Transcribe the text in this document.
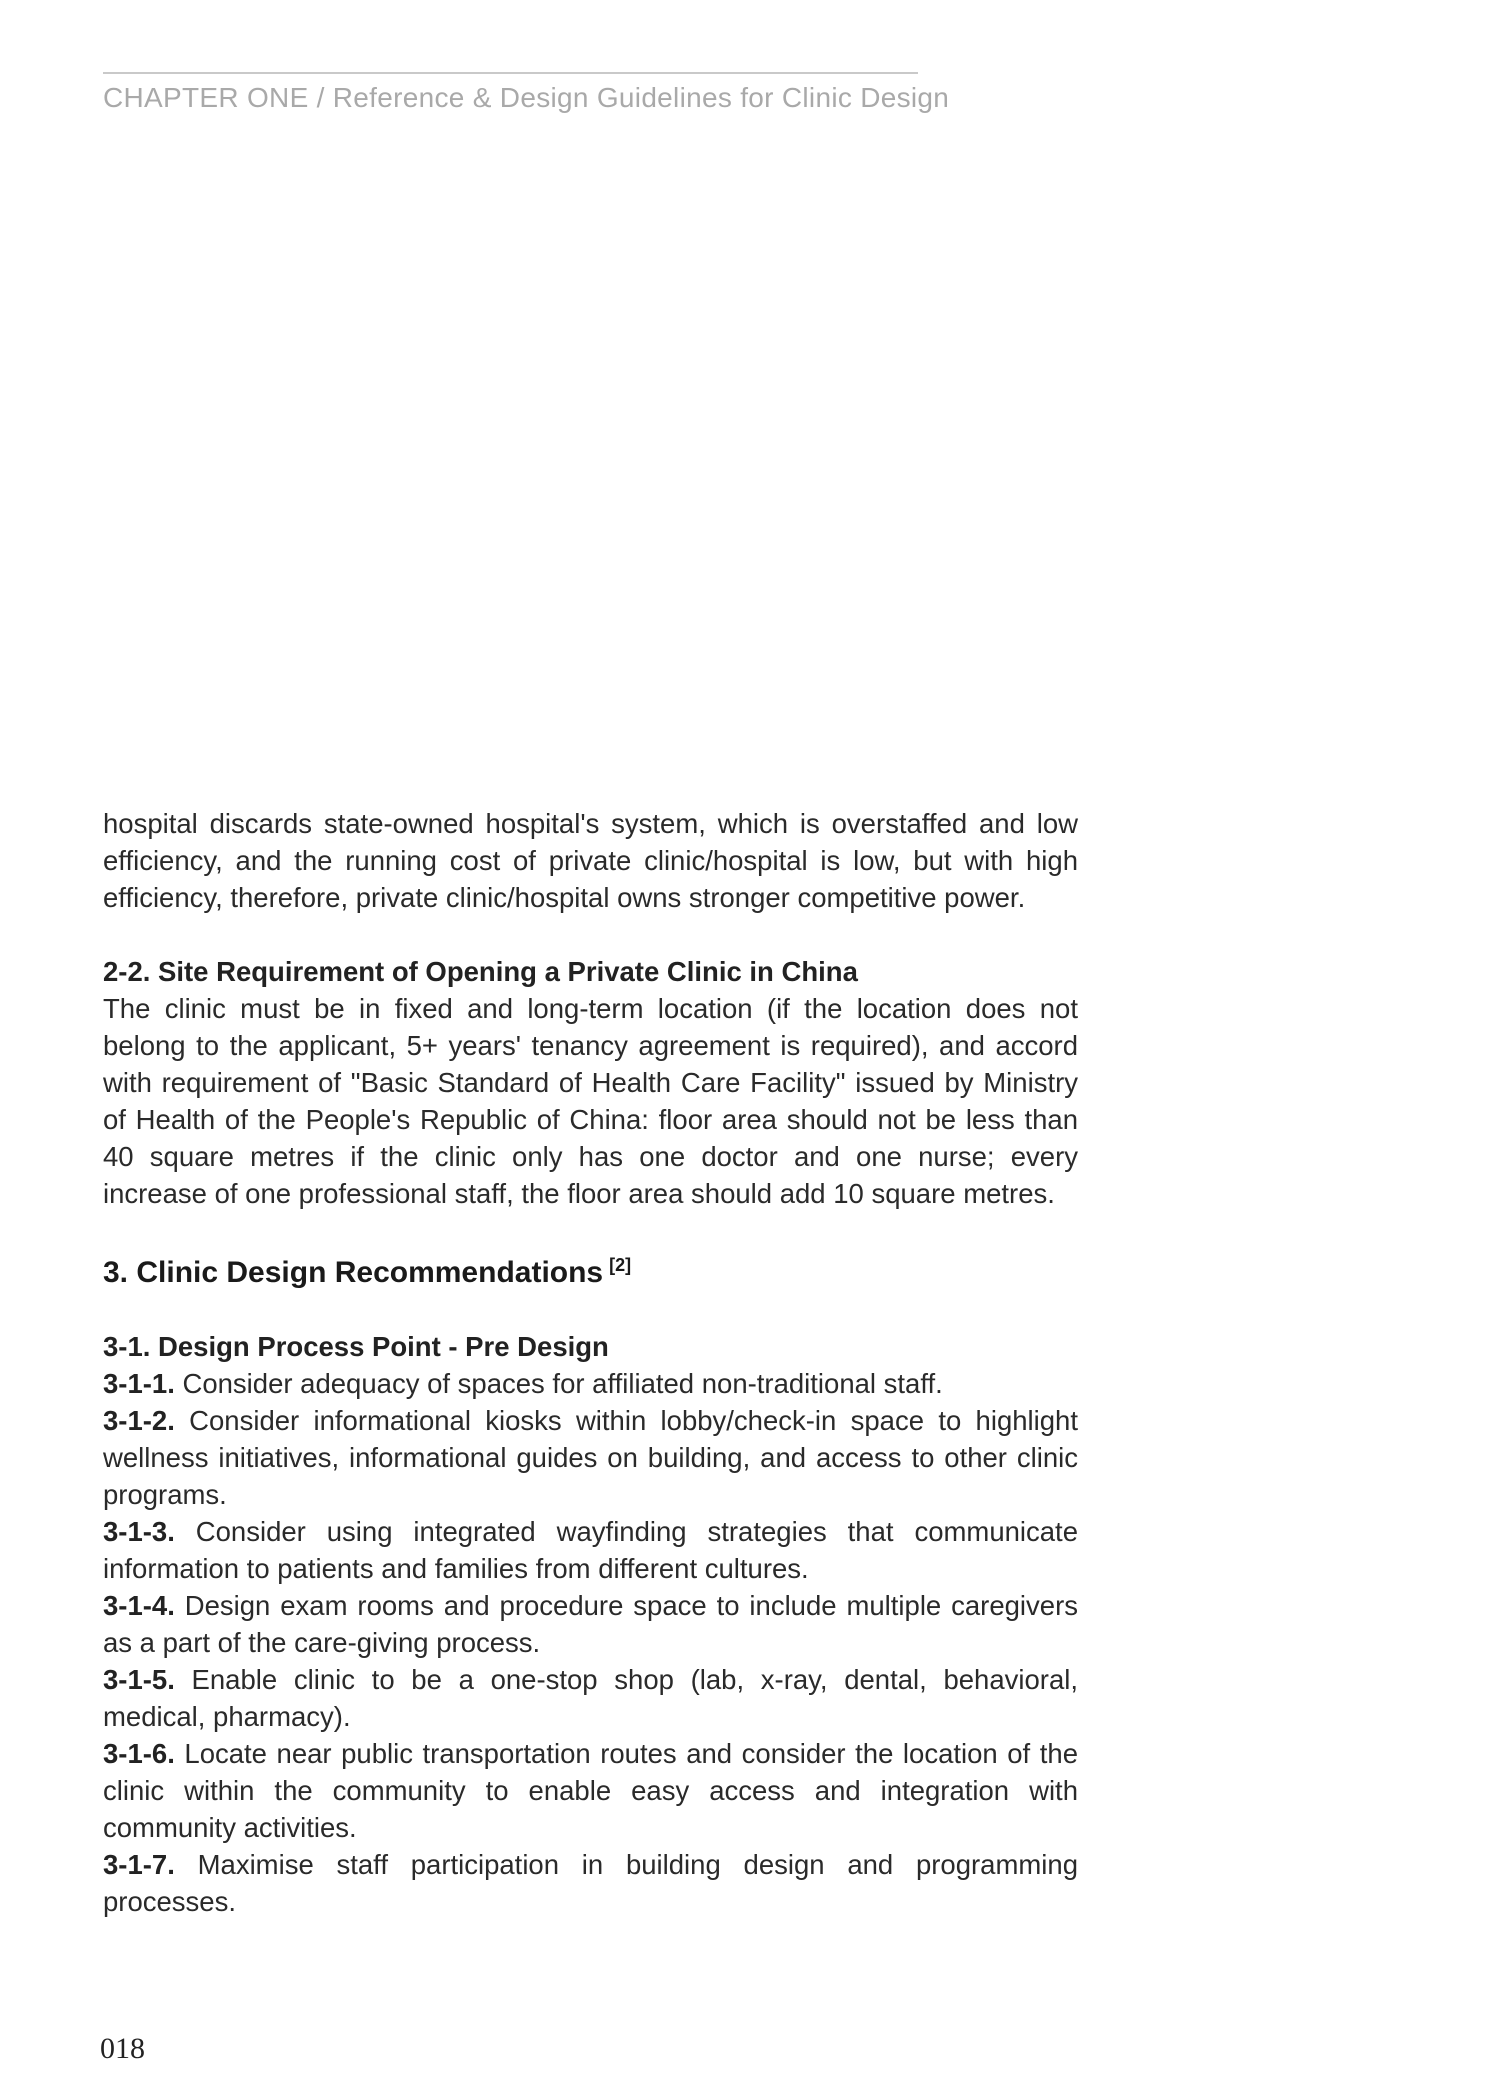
CHAPTER ONE / Reference & Design Guidelines for Clinic Design

hospital discards state-owned hospital's system, which is overstaffed and low efficiency, and the running cost of private clinic/hospital is low, but with high efficiency, therefore, private clinic/hospital owns stronger competitive power.

2-2. Site Requirement of Opening a Private Clinic in China

The clinic must be in fixed and long-term location (if the location does not belong to the applicant, 5+ years' tenancy agreement is required), and accord with requirement of "Basic Standard of Health Care Facility" issued by Ministry of Health of the People's Republic of China: floor area should not be less than 40 square metres if the clinic only has one doctor and one nurse; every increase of one professional staff, the floor area should add 10 square metres.

3. Clinic Design Recommendations [2]

3-1. Design Process Point - Pre Design

3-1-1. Consider adequacy of spaces for affiliated non-traditional staff.

3-1-2. Consider informational kiosks within lobby/check-in space to highlight wellness initiatives, informational guides on building, and access to other clinic programs.

3-1-3. Consider using integrated wayfinding strategies that communicate information to patients and families from different cultures.

3-1-4. Design exam rooms and procedure space to include multiple caregivers as a part of the care-giving process.

3-1-5. Enable clinic to be a one-stop shop (lab, x-ray, dental, behavioral, medical, pharmacy).

3-1-6. Locate near public transportation routes and consider the location of the clinic within the community to enable easy access and integration with community activities.

3-1-7. Maximise staff participation in building design and programming processes.

018
